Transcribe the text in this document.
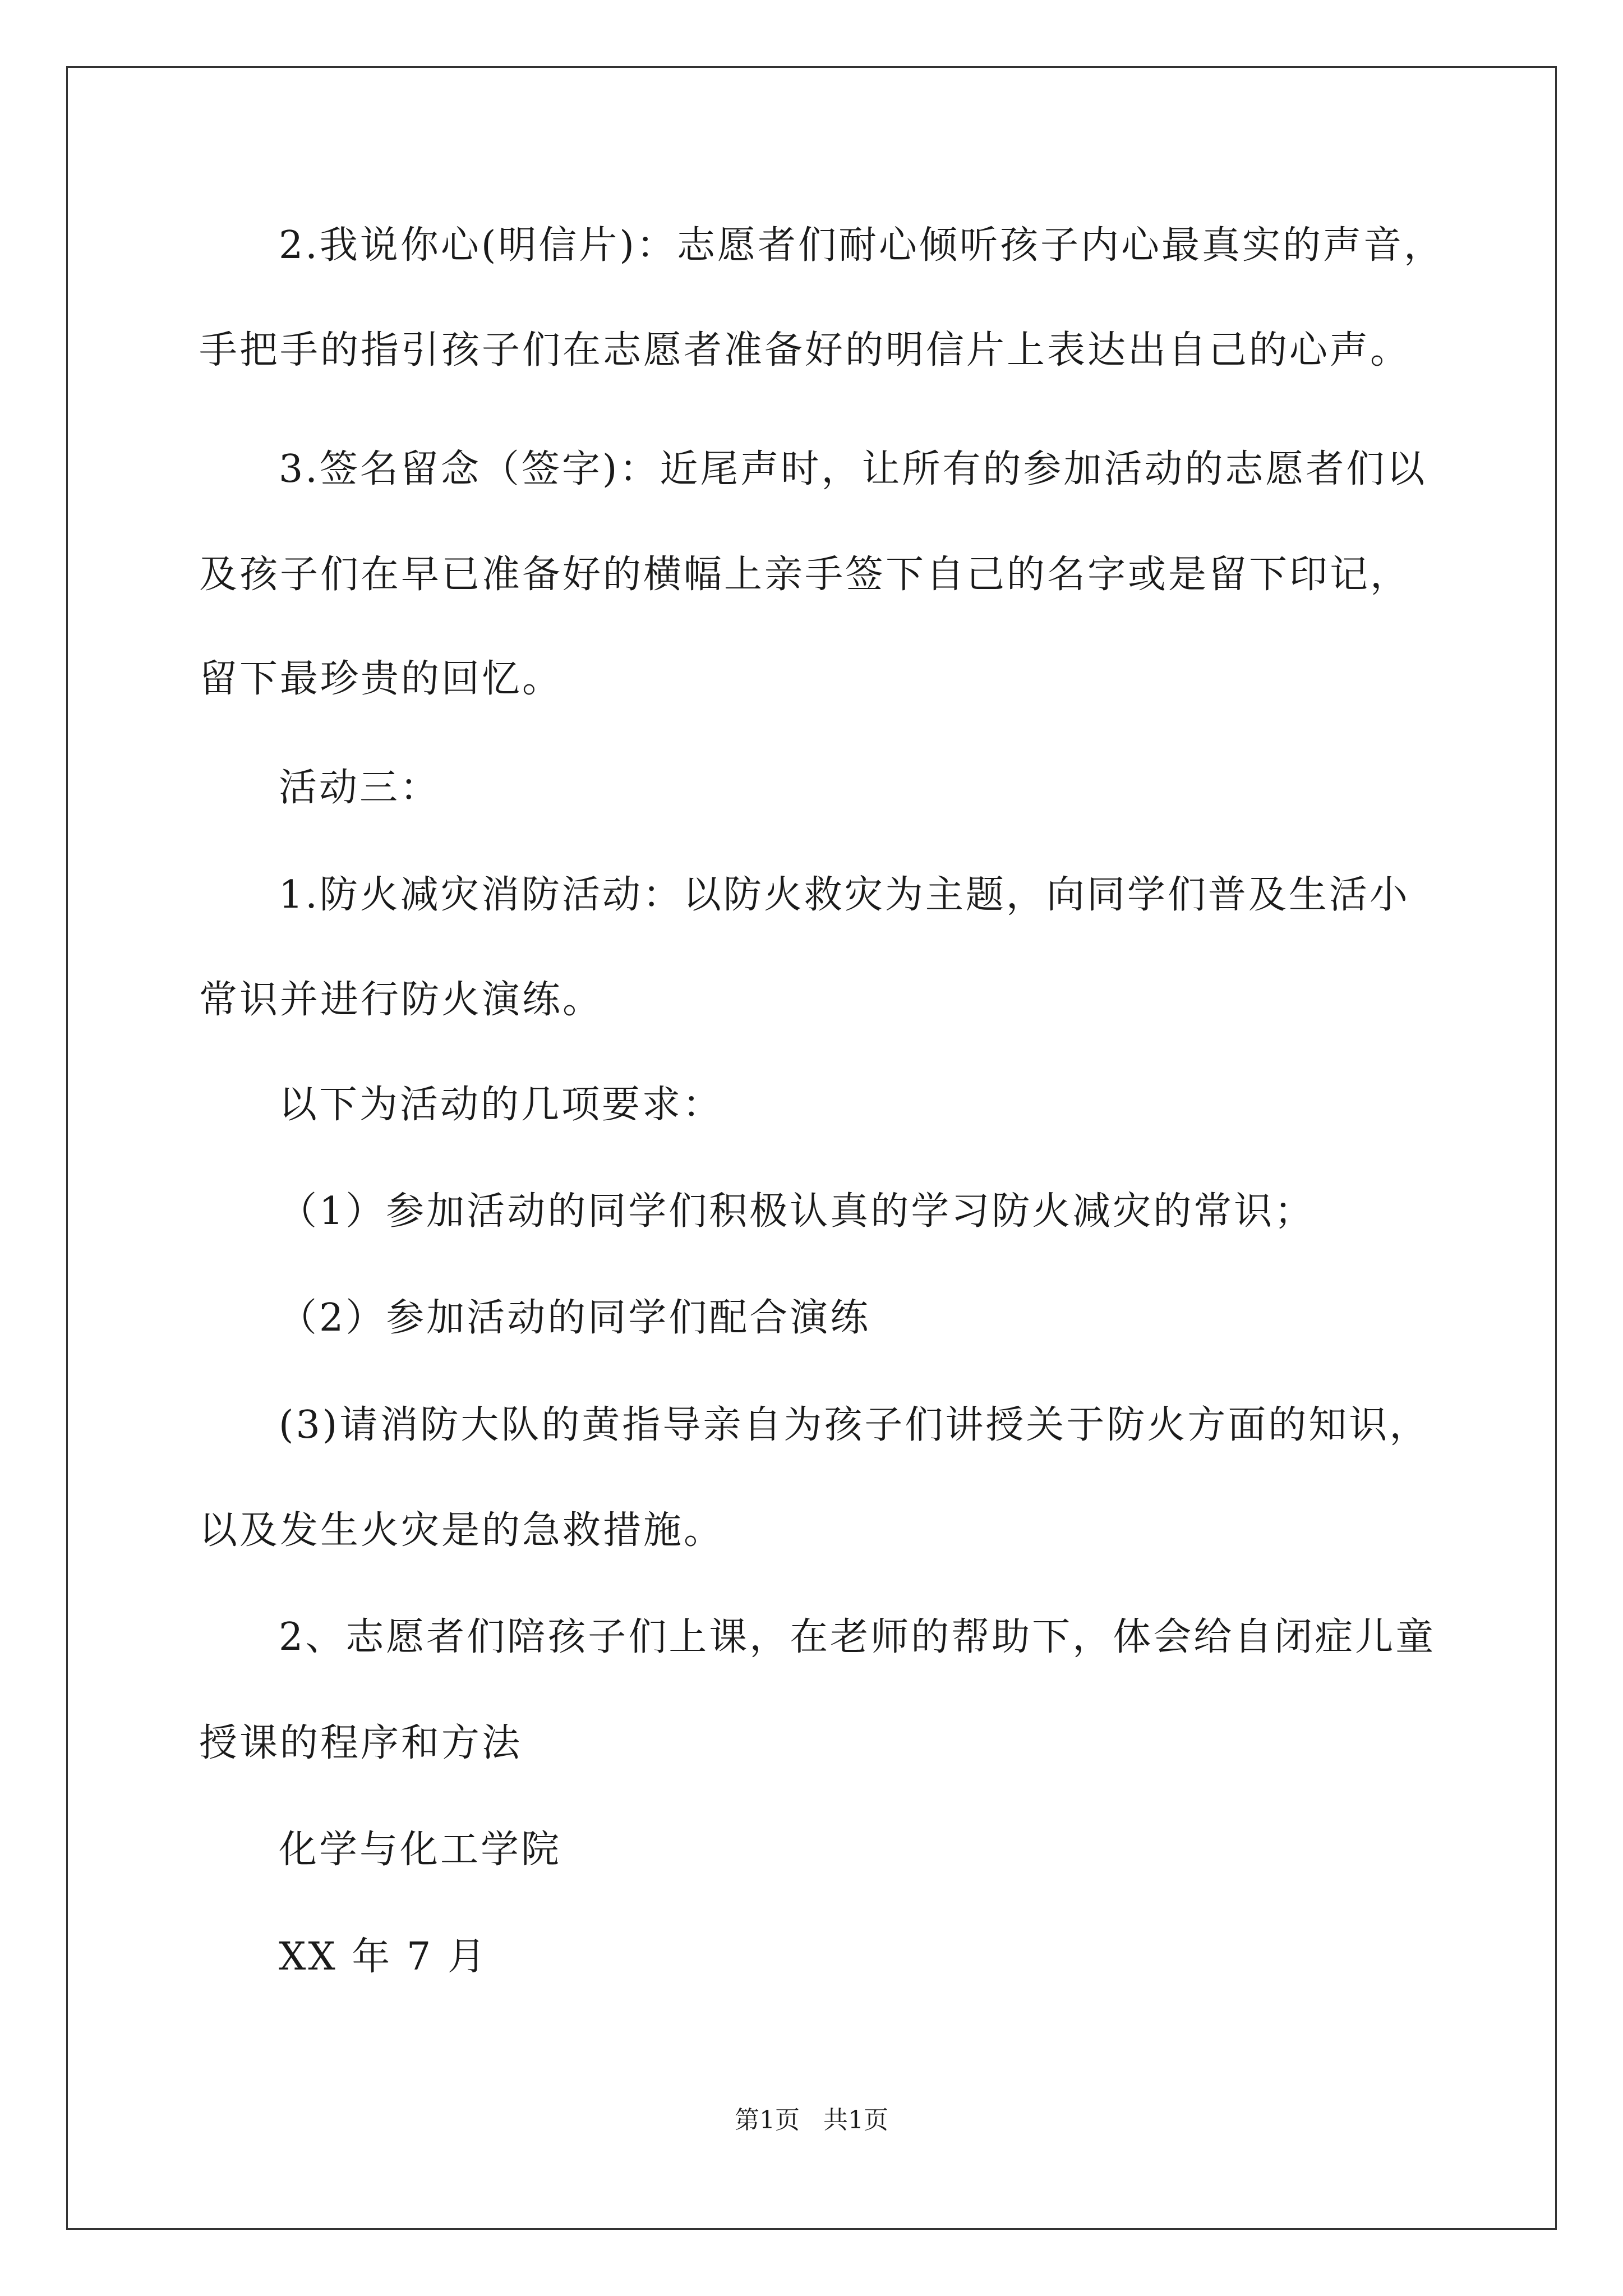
2.我说你心(明信片)：志愿者们耐心倾听孩子内心最真实的声音，
手把手的指引孩子们在志愿者准备好的明信片上表达出自己的心声。
3.签名留念（签字)：近尾声时，让所有的参加活动的志愿者们以
及孩子们在早已准备好的横幅上亲手签下自己的名字或是留下印记，
留下最珍贵的回忆。
活动三：
1.防火减灾消防活动：以防火救灾为主题，向同学们普及生活小
常识并进行防火演练。
以下为活动的几项要求：
（1）参加活动的同学们积极认真的学习防火减灾的常识；
（2）参加活动的同学们配合演练
(3)请消防大队的黄指导亲自为孩子们讲授关于防火方面的知识，
以及发生火灾是的急救措施。
2、志愿者们陪孩子们上课，在老师的帮助下，体会给自闭症儿童
授课的程序和方法
化学与化工学院
XX 年 7 月
第1页   共1页
